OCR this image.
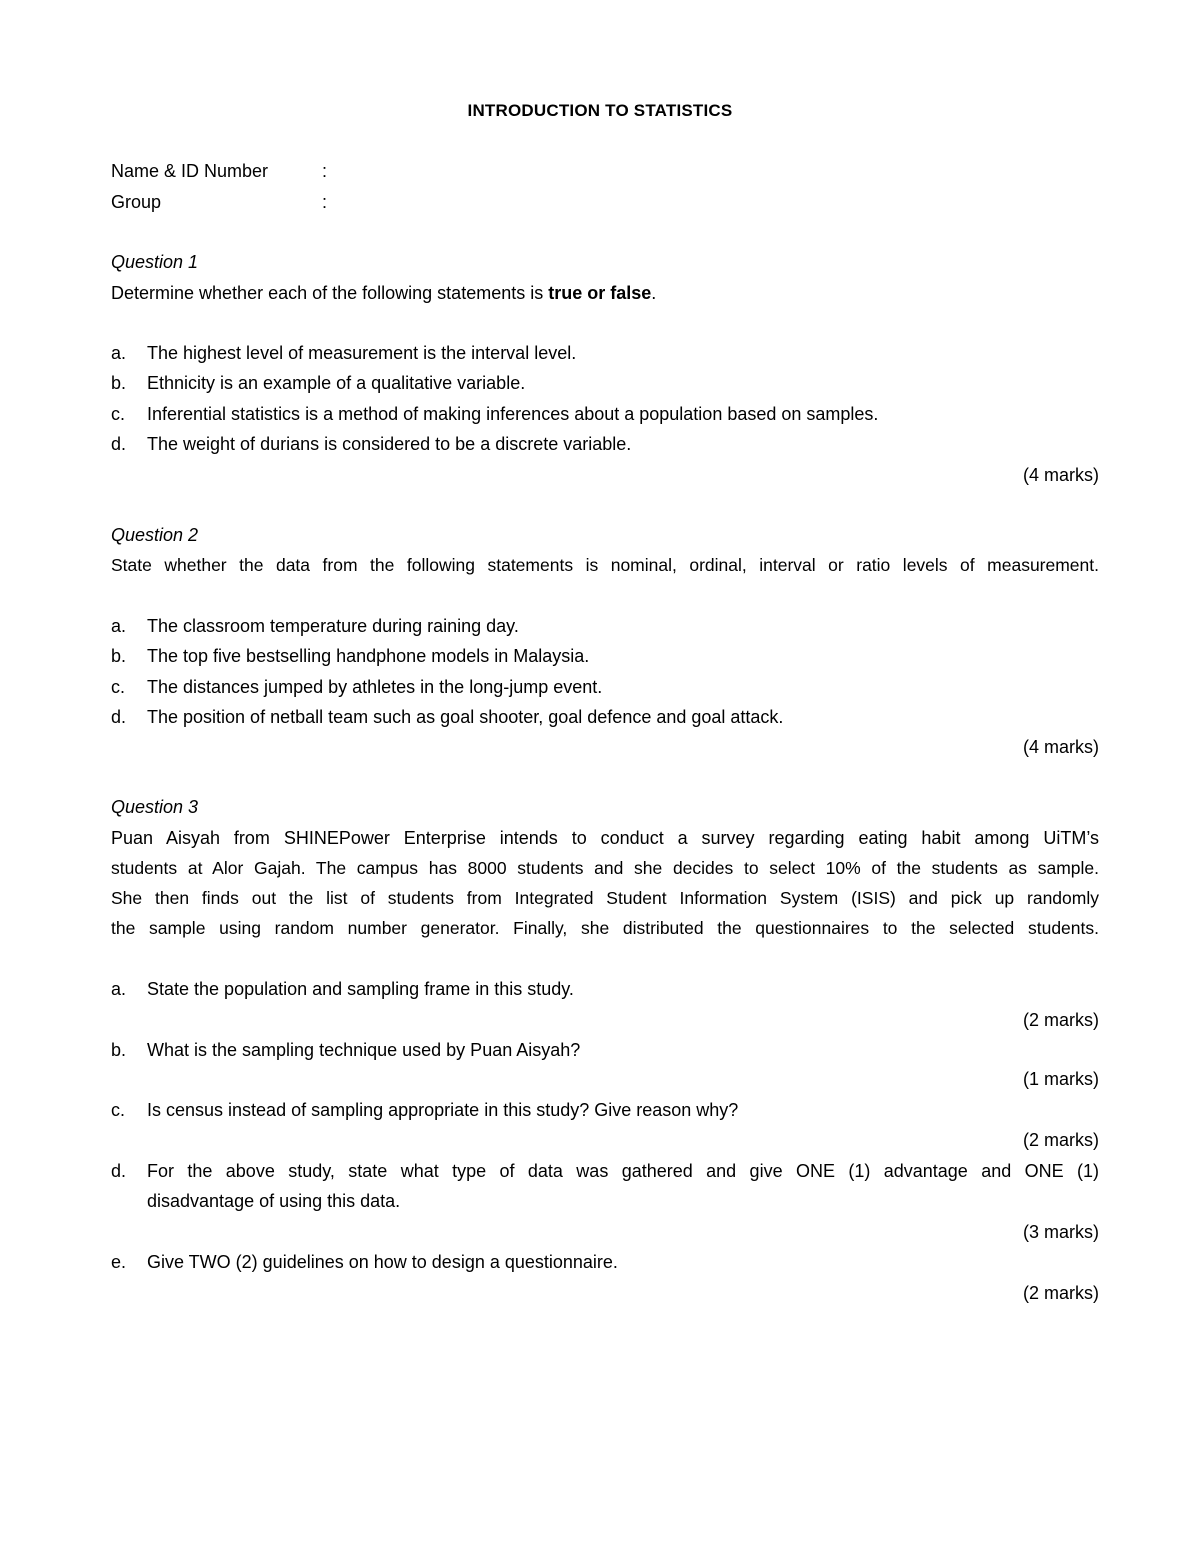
INTRODUCTION TO STATISTICS
Name & ID Number	:
Group	:
Question 1
Determine whether each of the following statements is true or false.
a.	The highest level of measurement is the interval level.
b.	Ethnicity is an example of a qualitative variable.
c.	Inferential statistics is a method of making inferences about a population based on samples.
d.	The weight of durians is considered to be a discrete variable.
(4 marks)
Question 2
State whether the data from the following statements is nominal, ordinal, interval or ratio levels of measurement.
a.	The classroom temperature during raining day.
b.	The top five bestselling handphone models in Malaysia.
c.	The distances jumped by athletes in the long-jump event.
d.	The position of netball team such as goal shooter, goal defence and goal attack.
(4 marks)
Question 3
Puan Aisyah from SHINEPower Enterprise intends to conduct a survey regarding eating habit among UiTM’s
students at Alor Gajah. The campus has 8000 students and she decides to select 10% of the students as sample.
She then finds out the list of students from Integrated Student Information System (ISIS) and pick up randomly
the sample using random number generator. Finally, she distributed the questionnaires to the selected students.
a.	State the population and sampling frame in this study.
(2 marks)
b.	What is the sampling technique used by Puan Aisyah?
(1 marks)
c.	Is census instead of sampling appropriate in this study? Give reason why?
(2 marks)
d.	For the above study, state what type of data was gathered and give ONE (1) advantage and ONE (1)
disadvantage of using this data.
(3 marks)
e.	Give TWO (2) guidelines on how to design a questionnaire.
(2 marks)
